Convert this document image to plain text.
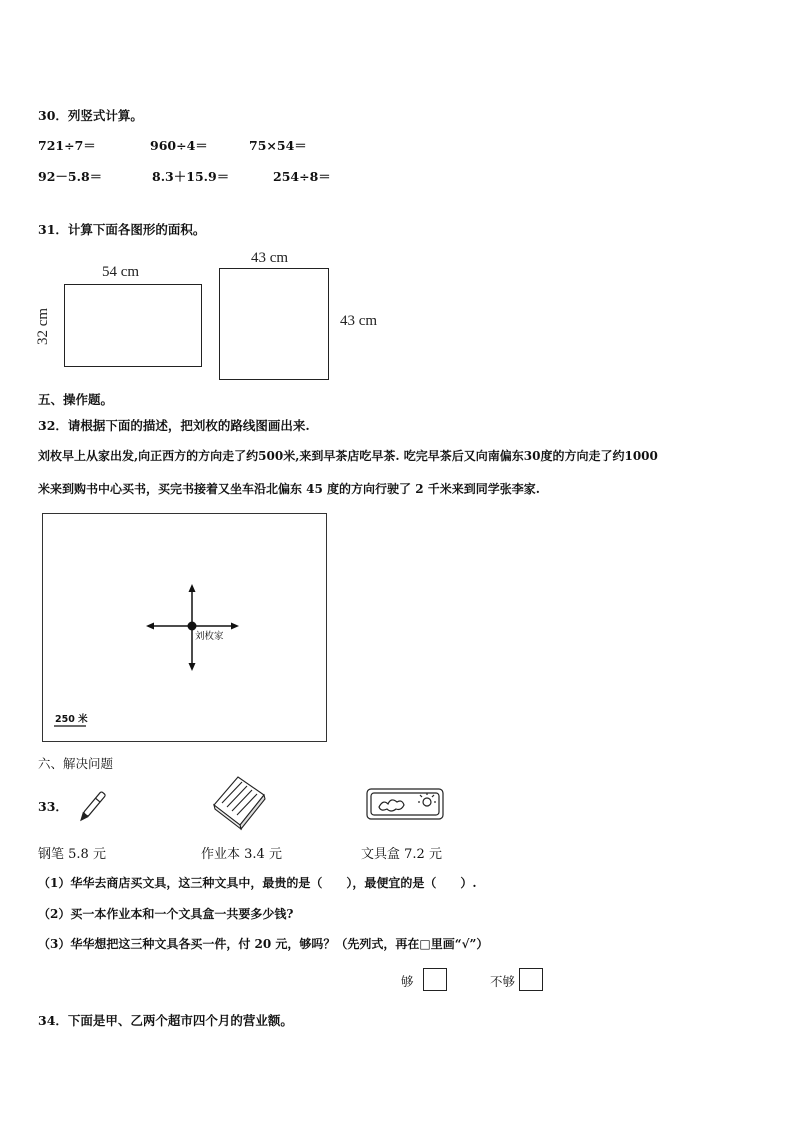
30．列竖式计算。
721÷7＝	960÷4＝	75×54＝
92－5.8＝	8.3＋15.9＝	254÷8＝
31．计算下面各图形的面积。
54 cm
32 cm
43 cm
43 cm
五、操作题。
32．请根据下面的描述，把刘枚的路线图画出来.
刘枚早上从家出发,向正西方的方向走了约500米,来到早茶店吃早茶. 吃完早茶后又向南偏东30度的方向走了约1000
米来到购书中心买书，买完书接着又坐车沿北偏东 45 度的方向行驶了 2 千米来到同学张李家.
刘枚家
250 米
六、解决问题
33．
钢笔 5.8 元	作业本 3.4 元	文具盒 7.2 元
（1）华华去商店买文具，这三种文具中，最贵的是（　　），最便宜的是（　　）.
（2）买一本作业本和一个文具盒一共要多少钱?
（3）华华想把这三种文具各买一件，付 20 元，够吗？（先列式，再在□里画“√”）
够	不够
34．下面是甲、乙两个超市四个月的营业额。
